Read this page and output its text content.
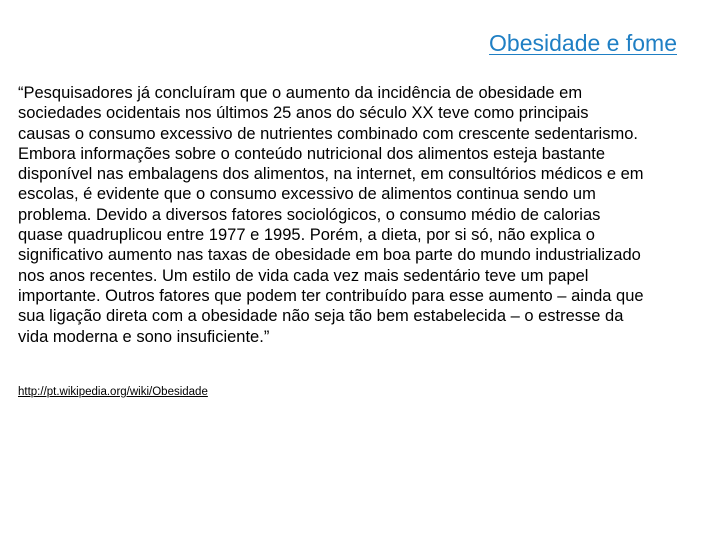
Obesidade e fome

“Pesquisadores já concluíram que o aumento da incidência de obesidade em
sociedades ocidentais nos últimos 25 anos do século XX teve como principais
causas o consumo excessivo de nutrientes combinado com crescente sedentarismo.
Embora informações sobre o conteúdo nutricional dos alimentos esteja bastante
disponível nas embalagens dos alimentos, na internet, em consultórios médicos e em
escolas, é evidente que o consumo excessivo de alimentos continua sendo um
problema. Devido a diversos fatores sociológicos, o consumo médio de calorias
quase quadruplicou entre 1977 e 1995. Porém, a dieta, por si só, não explica o
significativo aumento nas taxas de obesidade em boa parte do mundo industrializado
nos anos recentes. Um estilo de vida cada vez mais sedentário teve um papel
importante. Outros fatores que podem ter contribuído para esse aumento – ainda que
sua ligação direta com a obesidade não seja tão bem estabelecida – o estresse da
vida moderna e sono insuficiente.”

http://pt.wikipedia.org/wiki/Obesidade
